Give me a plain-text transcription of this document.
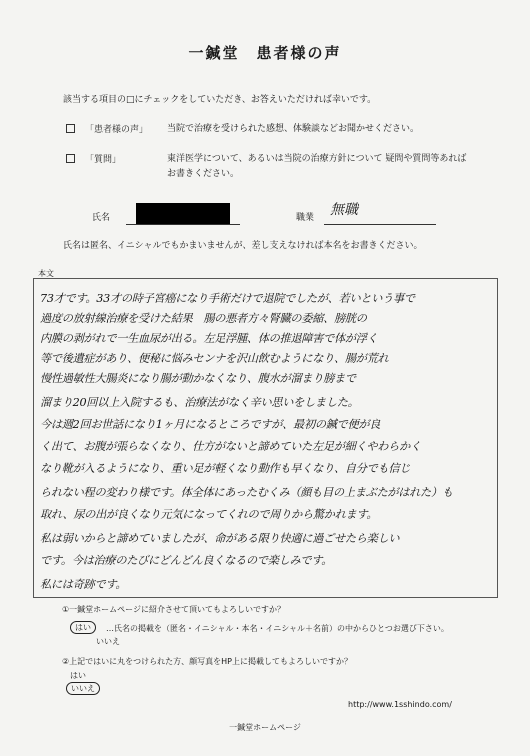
一鍼堂　患者様の声
該当する項目の□にチェックをしていただき、お答えいただければ幸いです。
「患者様の声」 当院で治療を受けられた感想、体験談などお聞かせください。
「質問」	東洋医学について、あるいは当院の治療方針について 疑問や質問等あればお書きください。
氏名	職業 無職
氏名は匿名、イニシャルでもかまいませんが、差し支えなければ本名をお書きください。
本文
73才です。33才の時子宮癌になり手術だけで退院でしたが、若いという事で
過度の放射線治療を受けた結果　腸の悪者方々腎臓の委縮、膀胱の
内膜の剥がれで一生血尿が出る。左足浮腫、体の推退障害で体が浮く
等で後遺症があり、便秘に悩みセンナを沢山飲むようになり、腸が荒れ
慢性過敏性大腸炎になり腸が動かなくなり、腹水が溜まり膀まで
溜まり20回以上入院するも、治療法がなく辛い思いをしました。
今は週2回お世話になり1ヶ月になるところですが、最初の鍼で便が良
く出て、お腹が張らなくなり、仕方がないと諦めていた左足が細くやわらかく
なり靴が入るようになり、重い足が軽くなり動作も早くなり、自分でも信じ
られない程の変わり様です。体全体にあったむくみ（顔も目の上まぶたがはれた）も
取れ、尿の出が良くなり元気になってくれので周りから驚かれます。
私は弱いからと諦めていましたが、命がある限り快適に過ごせたら楽しい
です。今は治療のたびにどんどん良くなるので楽しみです。
私には奇跡です。
①一鍼堂ホームページに紹介させて頂いてもよろしいですか？
はい	…氏名の掲載を（匿名・イニシャル・本名・イニシャル＋名前）の中からひとつお選び下さい。
いいえ
②上記ではいに丸をつけられた方、顔写真をHP上に掲載してもよろしいですか？
はい
いいえ
一鍼堂ホームページ
http://www.1sshindo.com/
